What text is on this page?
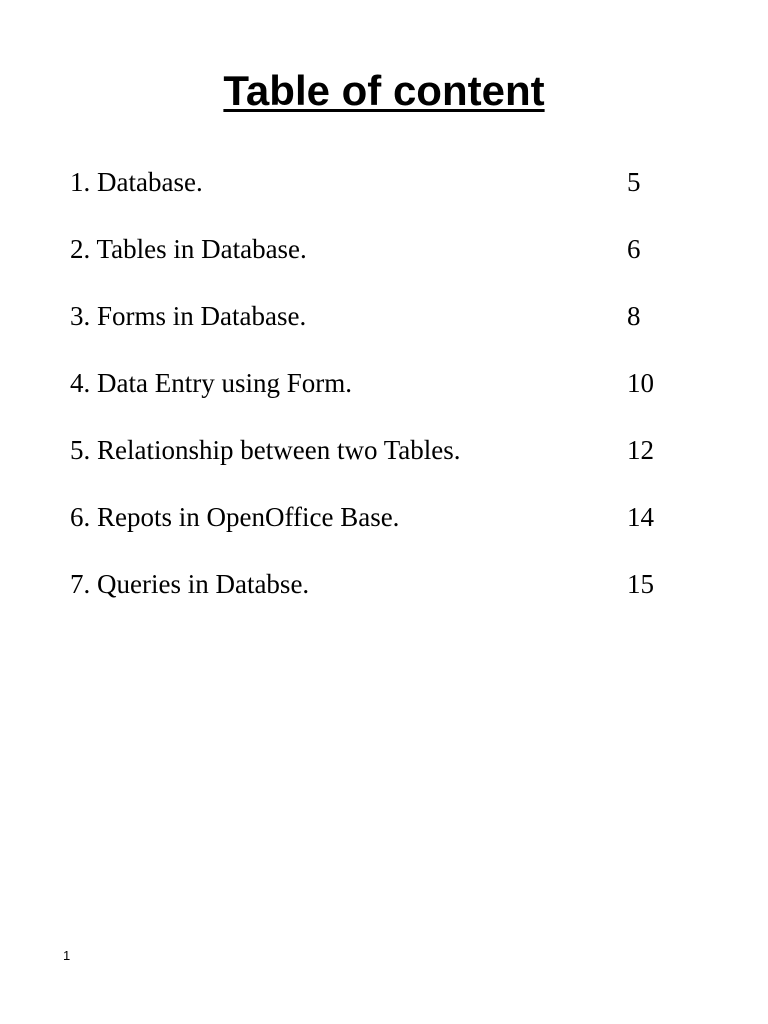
Table of content
1. Database.	5
2. Tables in Database.	6
3. Forms in Database.	8
4. Data Entry using Form.	10
5. Relationship between two Tables.	12
6. Repots in OpenOffice Base.	14
7. Queries in Databse.	15
1
